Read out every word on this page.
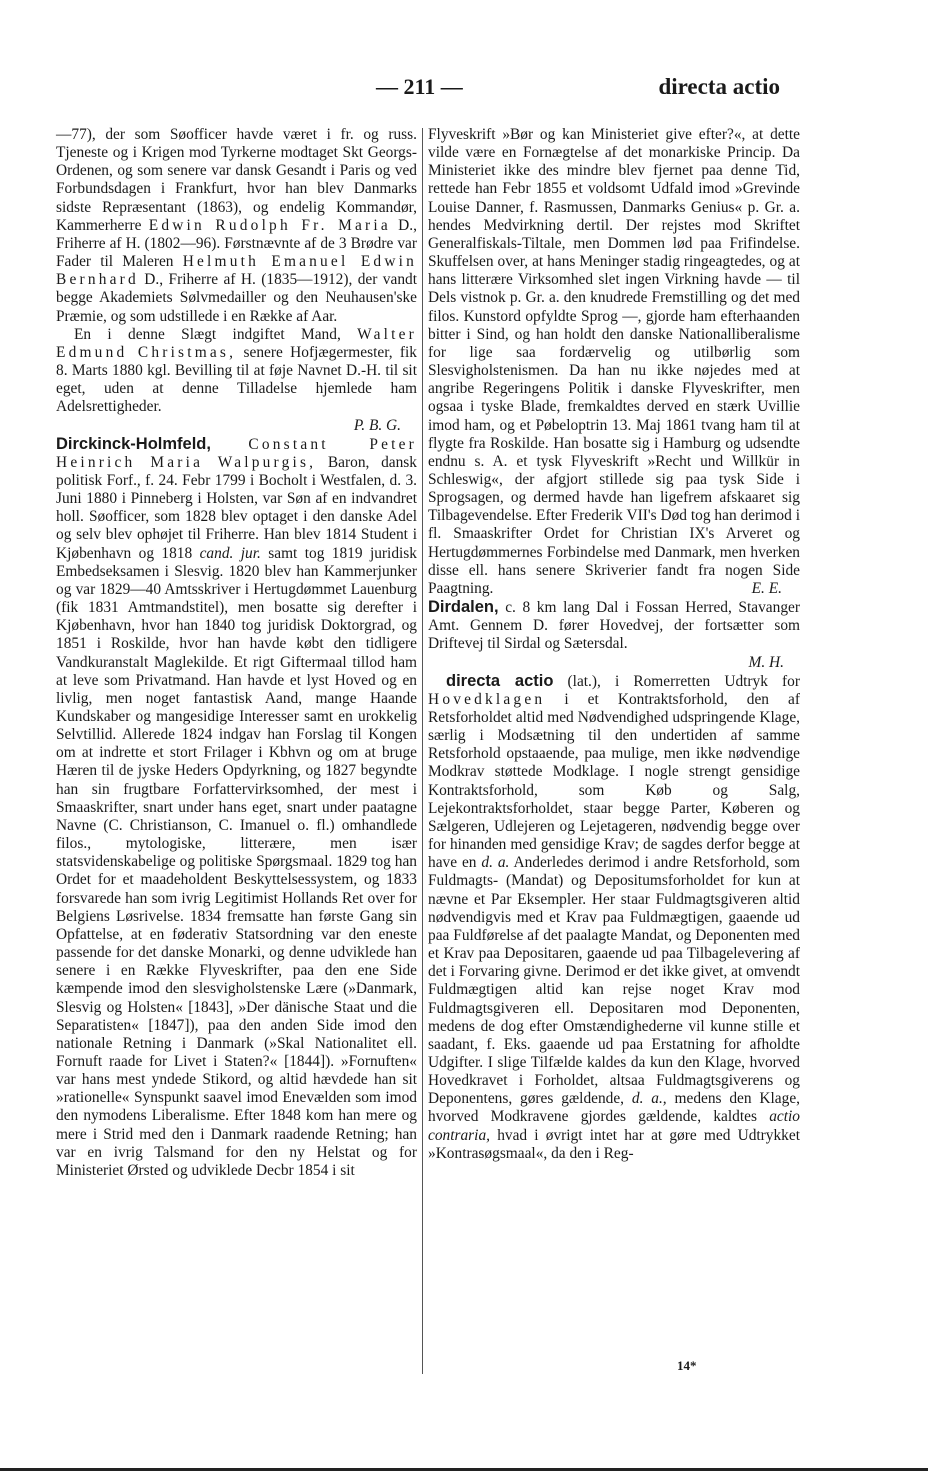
— 211 —	directa actio

—77), der som Søofficer havde været i fr. og russ. Tjeneste og i Krigen mod Tyrkerne modtaget Skt Georgs-Ordenen, og som senere var dansk Gesandt i Paris og ved Forbundsdagen i Frankfurt, hvor han blev Danmarks sidste Repræsentant (1863), og endelig Kommandør, Kammerherre Edwin Rudolph Fr. Maria D., Friherre af H. (1802—96). Førstnævnte af de 3 Brødre var Fader til Maleren Helmuth Emanuel Edwin Bernhard D., Friherre af H. (1835—1912), der vandt begge Akademiets Sølvmedailler og den Neuhausen'ske Præmie, og som udstillede i en Række af Aar.

En i denne Slægt indgiftet Mand, Walter Edmund Christmas, senere Hofjægermester, fik 8. Marts 1880 kgl. Bevilling til at føje Navnet D.-H. til sit eget, uden at denne Tilladelse hjemlede ham Adelsrettigheder.

P. B. G.

Dirckinck-Holmfeld, Constant Peter Heinrich Maria Walpurgis, Baron, dansk politisk Forf., f. 24. Febr 1799 i Bocholt i Westfalen, d. 3. Juni 1880 i Pinneberg i Holsten, var Søn af en indvandret holl. Søofficer, som 1828 blev optaget i den danske Adel og selv blev ophøjet til Friherre. Han blev 1814 Student i Kjøbenhavn og 1818 cand. jur. samt tog 1819 juridisk Embedseksamen i Slesvig. 1820 blev han Kammerjunker og var 1829—40 Amtsskriver i Hertugdømmet Lauenburg (fik 1831 Amtmandstitel), men bosatte sig derefter i Kjøbenhavn, hvor han 1840 tog juridisk Doktorgrad, og 1851 i Roskilde, hvor han havde købt den tidligere Vandkuranstalt Maglekilde. Et rigt Giftermaal tillod ham at leve som Privatmand. Han havde et lyst Hoved og en livlig, men noget fantastisk Aand, mange Haande Kundskaber og mangesidige Interesser samt en urokkelig Selvtillid. Allerede 1824 indgav han Forslag til Kongen om at indrette et stort Frilager i Kbhvn og om at bruge Hæren til de jyske Heders Opdyrkning, og 1827 begyndte han sin frugtbare Forfattervirksomhed, der mest i Smaaskrifter, snart under hans eget, snart under paatagne Navne (C. Christianson, C. Imanuel o. fl.) omhandlede filos., mytologiske, litterære, men især statsvidenskabelige og politiske Spørgsmaal. 1829 tog han Ordet for et maadeholdent Beskyttelsessystem, og 1833 forsvarede han som ivrig Legitimist Hollands Ret over for Belgiens Løsrivelse. 1834 fremsatte han første Gang sin Opfattelse, at en føderativ Statsordning var den eneste passende for det danske Monarki, og denne udviklede han senere i en Række Flyveskrifter, paa den ene Side kæmpende imod den slesvigholstenske Lære (»Danmark, Slesvig og Holsten« [1843], »Der dänische Staat und die Separatisten« [1847]), paa den anden Side imod den nationale Retning i Danmark (»Skal Nationalitet ell. Fornuft raade for Livet i Staten?« [1844]). »Fornuften« var hans mest yndede Stikord, og altid hævdede han sit »rationelle« Synspunkt saavel imod Enevælden som imod den nymodens Liberalisme. Efter 1848 kom han mere og mere i Strid med den i Danmark raadende Retning; han var en ivrig Talsmand for den ny Helstat og for Ministeriet Ørsted og udviklede Decbr 1854 i sit

Flyveskrift »Bør og kan Ministeriet give efter?«, at dette vilde være en Fornægtelse af det monarkiske Princip. Da Ministeriet ikke des mindre blev fjernet paa denne Tid, rettede han Febr 1855 et voldsomt Udfald imod »Grevinde Louise Danner, f. Rasmussen, Danmarks Genius« p. Gr. a. hendes Medvirkning dertil. Der rejstes mod Skriftet Generalfiskals-Tiltale, men Dommen lød paa Frifindelse. Skuffelsen over, at hans Meninger stadig ringeagtedes, og at hans litterære Virksomhed slet ingen Virkning havde — til Dels vistnok p. Gr. a. den knudrede Fremstilling og det med filos. Kunstord opfyldte Sprog —, gjorde ham efterhaanden bitter i Sind, og han holdt den danske Nationalliberalisme for lige saa fordærvelig og utilbørlig som Slesvigholstenismen. Da han nu ikke nøjedes med at angribe Regeringens Politik i danske Flyveskrifter, men ogsaa i tyske Blade, fremkaldtes derved en stærk Uvillie imod ham, og et Pøbeloptrin 13. Maj 1861 tvang ham til at flygte fra Roskilde. Han bosatte sig i Hamburg og udsendte endnu s. A. et tysk Flyveskrift »Recht und Willkür in Schleswig«, der afgjort stillede sig paa tysk Side i Sprogsagen, og dermed havde han ligefrem afskaaret sig Tilbagevendelse. Efter Frederik VII's Død tog han derimod i fl. Smaaskrifter Ordet for Christian IX's Arveret og Hertugdømmernes Forbindelse med Danmark, men hverken disse ell. hans senere Skriverier fandt fra nogen Side Paagtning.	E. E.

Dirdalen, c. 8 km lang Dal i Fossan Herred, Stavanger Amt. Gennem D. fører Hovedvej, der fortsætter som Driftevej til Sirdal og Sætersdal.

M. H.

directa actio (lat.), i Romerretten Udtryk for Hovedklagen i et Kontraktsforhold, den af Retsforholdet altid med Nødvendighed udspringende Klage, særlig i Modsætning til den undertiden af samme Retsforhold opstaaende, paa mulige, men ikke nødvendige Modkrav støttede Modklage. I nogle strengt gensidige Kontraktsforhold, som Køb og Salg, Lejekontraktsforholdet, staar begge Parter, Køberen og Sælgeren, Udlejeren og Lejetageren, nødvendig begge over for hinanden med gensidige Krav; de sagdes derfor begge at have en d. a. Anderledes derimod i andre Retsforhold, som Fuldmagts- (Mandat) og Depositumsforholdet for kun at nævne et Par Eksempler. Her staar Fuldmagtsgiveren altid nødvendigvis med et Krav paa Fuldmægtigen, gaaende ud paa Fuldførelse af det paalagte Mandat, og Deponenten med et Krav paa Depositaren, gaaende ud paa Tilbagelevering af det i Forvaring givne. Derimod er det ikke givet, at omvendt Fuldmægtigen altid kan rejse noget Krav mod Fuldmagtsgiveren ell. Depositaren mod Deponenten, medens de dog efter Omstændighederne vil kunne stille et saadant, f. Eks. gaaende ud paa Erstatning for afholdte Udgifter. I slige Tilfælde kaldes da kun den Klage, hvorved Hovedkravet i Forholdet, altsaa Fuldmagtsgiverens og Deponentens, gøres gældende, d. a., medens den Klage, hvorved Modkravene gjordes gældende, kaldtes actio contraria, hvad i øvrigt intet har at gøre med Udtrykket »Kontrasøgsmaal«, da den i Reg-

14*
